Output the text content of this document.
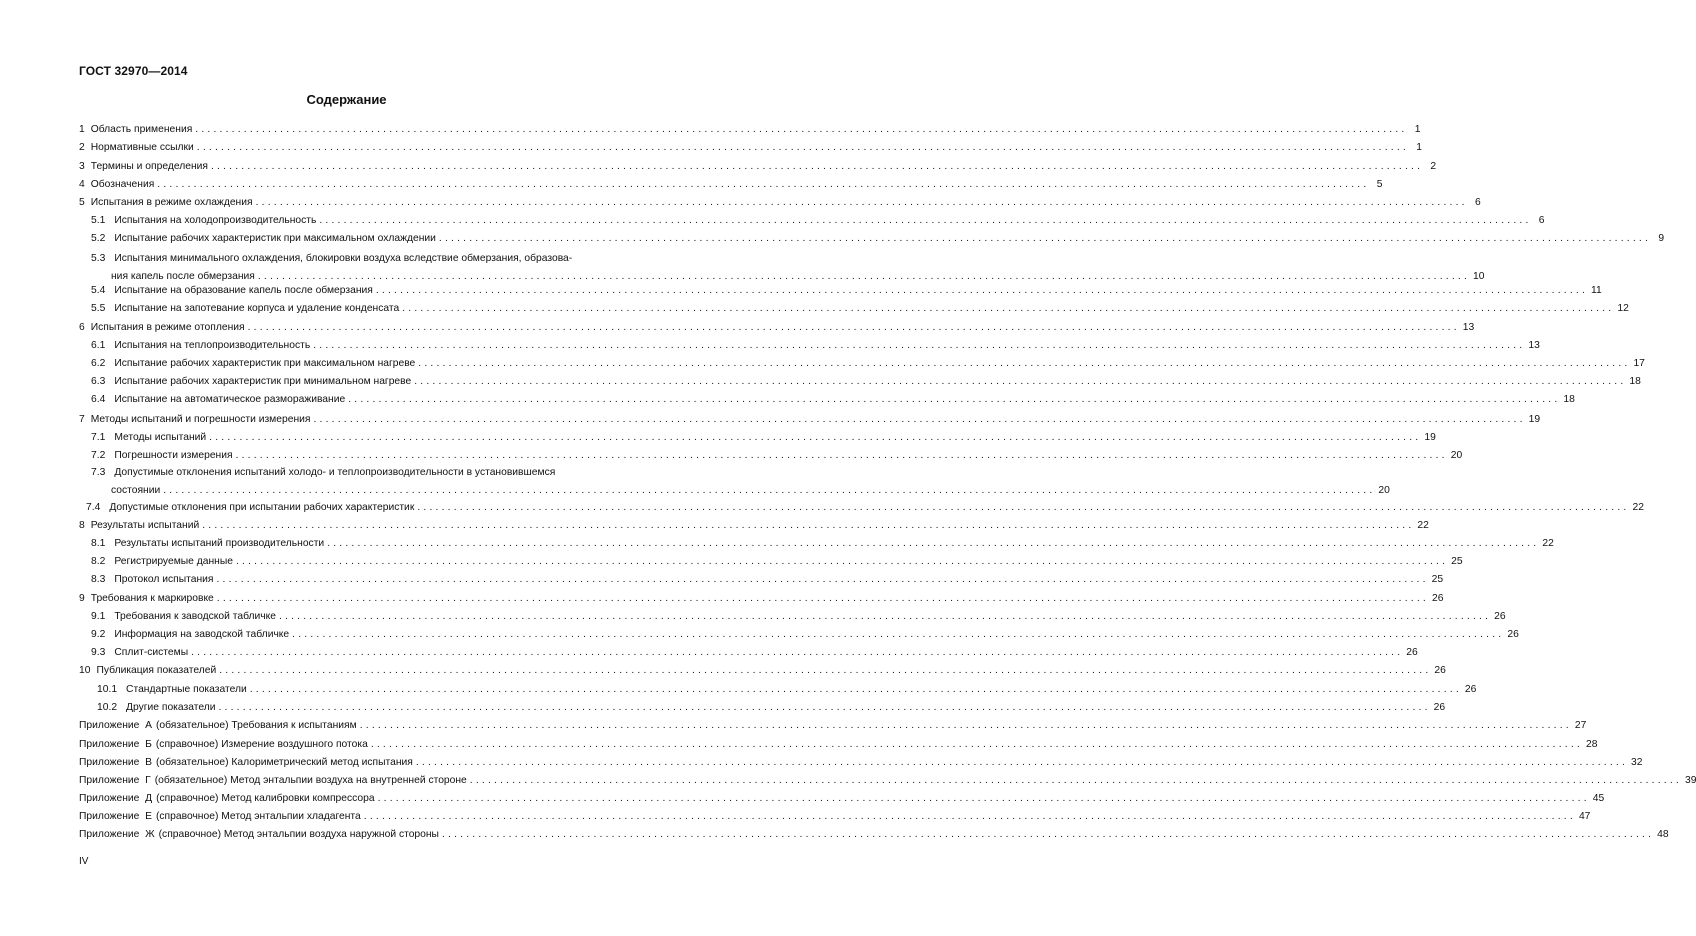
ГОСТ 32970—2014
Содержание
1 Область применения ........................................................................................................................................................................................................ 1
2 Нормативные ссылки ........................................................................................................................................................................................................ 1
3 Термины и определения ........................................................................................................................................................................................................ 2
4 Обозначения ........................................................................................................................................................................................................ 5
5 Испытания в режиме охлаждения ........................................................................................................................................................................................................ 6
5.1 Испытания на холодопроизводительность ........................................................................................................................................................................................................ 6
5.2 Испытание рабочих характеристик при максимальном охлаждении ........................................................................................................................................................................................................ 9
5.3 Испытания минимального охлаждения, блокировки воздуха вследствие обмерзания, образова-
ния капель после обмерзания ........................................................................................................................................................................................................ 10
5.4 Испытание на образование капель после обмерзания ........................................................................................................................................................................................................ 11
5.5 Испытание на запотевание корпуса и удаление конденсата ........................................................................................................................................................................................................ 12
6 Испытания в режиме отопления ........................................................................................................................................................................................................ 13
6.1 Испытания на теплопроизводительность ........................................................................................................................................................................................................ 13
6.2 Испытание рабочих характеристик при максимальном нагреве ........................................................................................................................................................................................................ 17
6.3 Испытание рабочих характеристик при минимальном нагреве ........................................................................................................................................................................................................ 18
6.4 Испытание на автоматическое размораживание ........................................................................................................................................................................................................ 18
7 Методы испытаний и погрешности измерения ........................................................................................................................................................................................................ 19
7.1 Методы испытаний ........................................................................................................................................................................................................ 19
7.2 Погрешности измерения ........................................................................................................................................................................................................ 20
7.3 Допустимые отклонения испытаний холодо- и теплопроизводительности в установившемся
состоянии ........................................................................................................................................................................................................ 20
7.4 Допустимые отклонения при испытании рабочих характеристик ........................................................................................................................................................................................................ 22
8 Результаты испытаний ........................................................................................................................................................................................................ 22
8.1 Результаты испытаний производительности ........................................................................................................................................................................................................ 22
8.2 Регистрируемые данные ........................................................................................................................................................................................................ 25
8.3 Протокол испытания ........................................................................................................................................................................................................ 25
9 Требования к маркировке ........................................................................................................................................................................................................ 26
9.1 Требования к заводской табличке ........................................................................................................................................................................................................ 26
9.2 Информация на заводской табличке ........................................................................................................................................................................................................ 26
9.3 Сплит-системы ........................................................................................................................................................................................................ 26
10 Публикация показателей ........................................................................................................................................................................................................ 26
10.1 Стандартные показатели ........................................................................................................................................................................................................ 26
10.2 Другие показатели ........................................................................................................................................................................................................ 26
Приложение  А (обязательное) Требования к испытаниям ........................................................................................................................................................................................................ 27
Приложение  Б (справочное) Измерение воздушного потока ........................................................................................................................................................................................................ 28
Приложение  В (обязательное) Калориметрический метод испытания ........................................................................................................................................................................................................ 32
Приложение  Г (обязательное) Метод энтальпии воздуха на внутренней стороне ........................................................................................................................................................................................................ 39
Приложение  Д (справочное) Метод калибровки компрессора ........................................................................................................................................................................................................ 45
Приложение  Е (справочное) Метод энтальпии хладагента ........................................................................................................................................................................................................ 47
Приложение  Ж (справочное) Метод энтальпии воздуха наружной стороны ........................................................................................................................................................................................................ 48
IV
